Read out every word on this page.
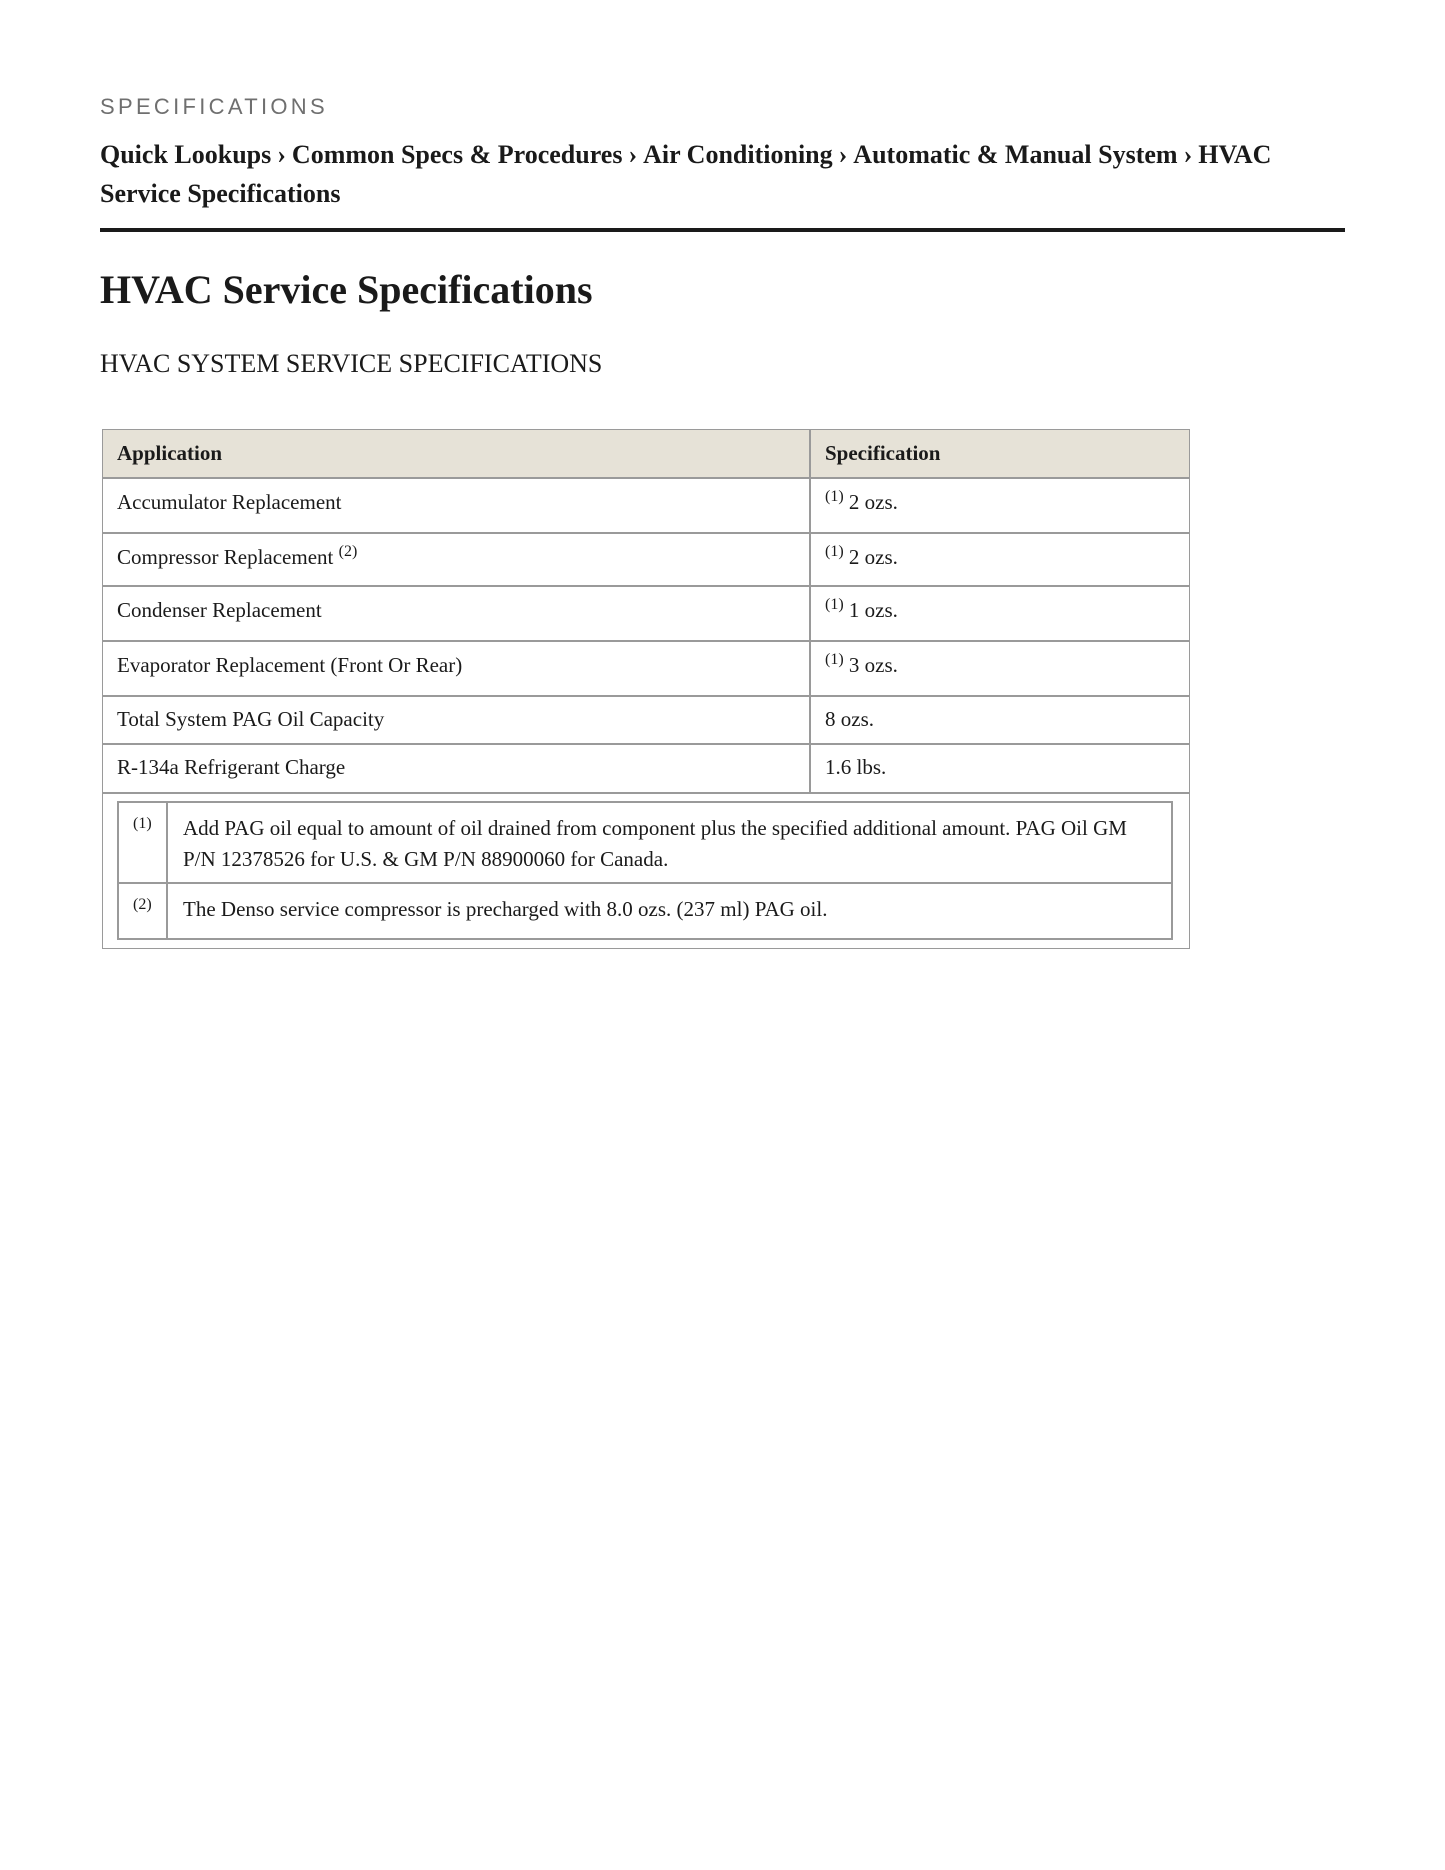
SPECIFICATIONS
Quick Lookups › Common Specs & Procedures › Air Conditioning › Automatic & Manual System › HVAC Service Specifications
HVAC Service Specifications
HVAC SYSTEM SERVICE SPECIFICATIONS
Application	Specification
Accumulator Replacement	$^{(1)}$ 2 ozs.
Compressor Replacement $^{(2)}$	$^{(1)}$ 2 ozs.
Condenser Replacement	$^{(1)}$ 1 ozs.
Evaporator Replacement (Front Or Rear)	$^{(1)}$ 3 ozs.
Total System PAG Oil Capacity	8 ozs.
R-134a Refrigerant Charge	1.6 lbs.
(1)	Add PAG oil equal to amount of oil drained from component plus the specified additional amount. PAG Oil GM P/N 12378526 for U.S. & GM P/N 88900060 for Canada.
(2)	The Denso service compressor is precharged with 8.0 ozs. (237 ml) PAG oil.
